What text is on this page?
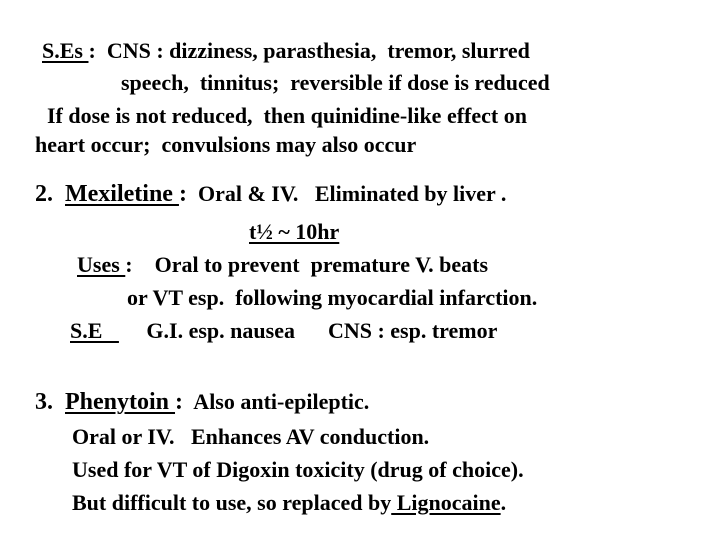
S.Es :  CNS : dizziness, parasthesia,  tremor, slurred
speech,  tinnitus;  reversible if dose is reduced
If dose is not reduced,  then quinidine-like effect on
heart occur;  convulsions may also occur
2.  Mexiletine :  Oral & IV.   Eliminated by liver .
t½ ~ 10hr
Uses :    Oral to prevent  premature V. beats
or VT esp.  following myocardial infarction.
S.E        G.I. esp. nausea      CNS : esp. tremor
3.  Phenytoin :  Also anti-epileptic.
Oral or IV.   Enhances AV conduction.
Used for VT of Digoxin toxicity (drug of choice).
But difficult to use, so replaced by Lignocaine.
